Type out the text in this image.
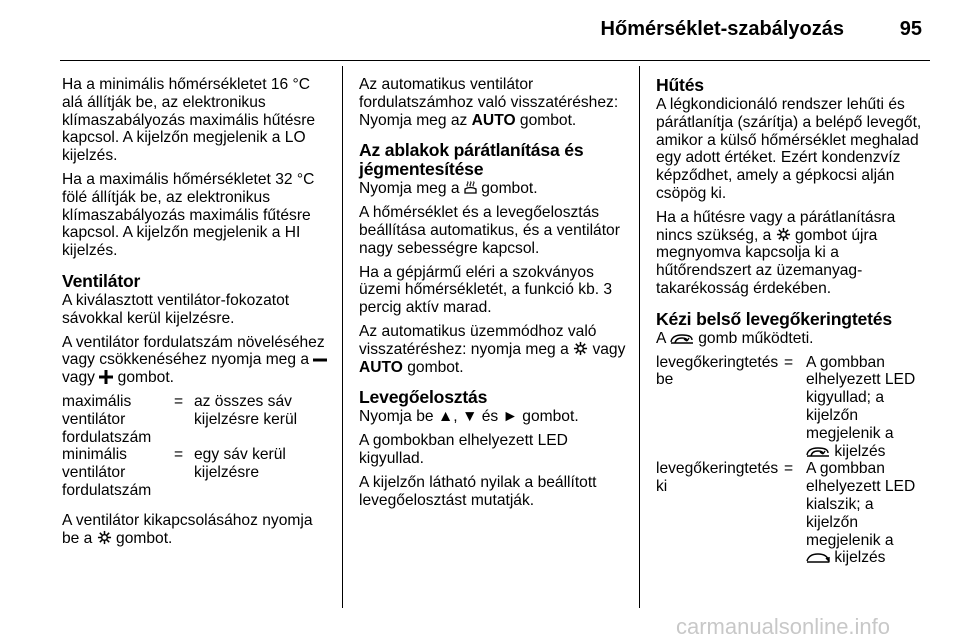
Hőmérséklet-szabályozás	95

Ha a minimális hőmérsékletet 16 °C alá állítják be, az elektronikus klímaszabályozás maximális hűtésre kapcsol. A kijelzőn megjelenik a LO kijelzés.

Ha a maximális hőmérsékletet 32 °C fölé állítják be, az elektronikus klímaszabályozás maximális fűtésre kapcsol. A kijelzőn megjelenik a HI kijelzés.

Ventilátor

A kiválasztott ventilátor-fokozatot sávokkal kerül kijelzésre.

A ventilátor fordulatszám növeléséhez vagy csökkenéséhez nyomja meg a  vagy gombot.

maximális ventilátor fordulatszám
= az összes sáv kijelzésre kerül
minimális ventilátor fordulatszám
= egy sáv kerül kijelzésre

A ventilátor kikapcsolásához nyomja be a gombot.

Az automatikus ventilátor fordulatszámhoz való visszatéréshez: Nyomja meg az AUTO gombot.

Az ablakok párátlanítása és jégmentesítése

Nyomja meg a gombot.

A hőmérséklet és a levegőelosztás beállítása automatikus, és a ventilátor nagy sebességre kapcsol.

Ha a gépjármű eléri a szokványos üzemi hőmérsékletét, a funkció kb. 3 percig aktív marad.

Az automatikus üzemmódhoz való visszatéréshez: nyomja meg a vagy AUTO gombot.

Levegőelosztás

Nyomja be ▲, ▼ és ► gombot.

A gombokban elhelyezett LED kigyullad.

A kijelzőn látható nyilak a beállított levegőelosztást mutatják.

Hűtés

A légkondicionáló rendszer lehűti és párátlanítja (szárítja) a belépő levegőt, amikor a külső hőmérséklet meghalad egy adott értéket. Ezért kondenzvíz képződhet, amely a gépkocsi alján csöpög ki.

Ha a hűtésre vagy a párátlanításra nincs szükség, a gombot újra megnyomva kapcsolja ki a hűtőrendszert az üzemanyag-takarékosság érdekében.

Kézi belső levegőkeringtetés

A gomb működteti.

levegőkeringtetés be
= A gombban elhelyezett LED kigyullad; a kijelzőn megjelenik a
kijelzés
levegőkeringtetés ki
= A gombban elhelyezett LED kialszik; a kijelzőn megjelenik a
kijelzés
carmanualsonline.info
